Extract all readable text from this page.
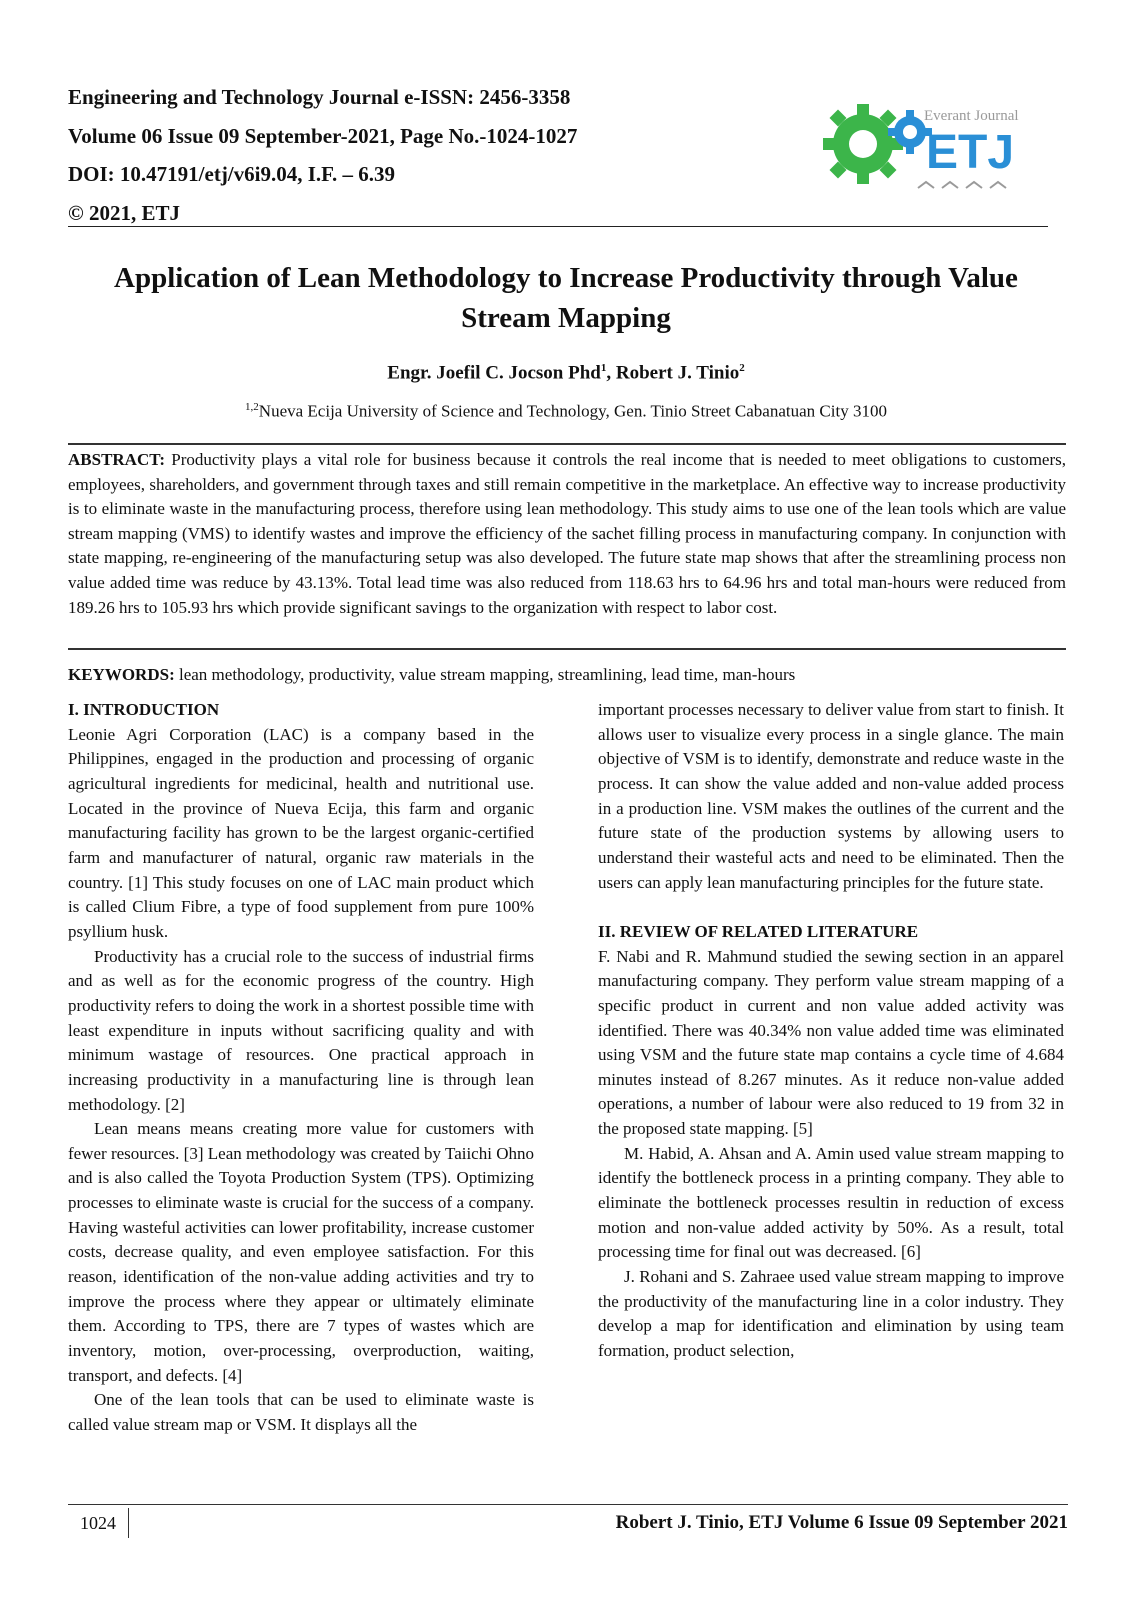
Engineering and Technology Journal e-ISSN: 2456-3358
Volume 06 Issue 09 September-2021, Page No.-1024-1027
DOI: 10.47191/etj/v6i9.04, I.F. – 6.39
© 2021, ETJ
Everant Journal
ETJ
Application of Lean Methodology to Increase Productivity through Value Stream Mapping
Engr. Joefil C. Jocson Phd$^1$, Robert J. Tinio$^2$
$^{1,2}$Nueva Ecija University of Science and Technology, Gen. Tinio Street Cabanatuan City 3100
ABSTRACT: Productivity plays a vital role for business because it controls the real income that is needed to meet obligations to customers, employees, shareholders, and government through taxes and still remain competitive in the marketplace. An effective way to increase productivity is to eliminate waste in the manufacturing process, therefore using lean methodology. This study aims to use one of the lean tools which are value stream mapping (VMS) to identify wastes and improve the efficiency of the sachet filling process in manufacturing company. In conjunction with state mapping, re-engineering of the manufacturing setup was also developed. The future state map shows that after the streamlining process non value added time was reduce by 43.13%. Total lead time was also reduced from 118.63 hrs to 64.96 hrs and total man-hours were reduced from 189.26 hrs to 105.93 hrs which provide significant savings to the organization with respect to labor cost.
KEYWORDS: lean methodology, productivity, value stream mapping, streamlining, lead time, man-hours

I. INTRODUCTION

Leonie Agri Corporation (LAC) is a company based in the Philippines, engaged in the production and processing of organic agricultural ingredients for medicinal, health and nutritional use. Located in the province of Nueva Ecija, this farm and organic manufacturing facility has grown to be the largest organic-certified farm and manufacturer of natural, organic raw materials in the country. [1] This study focuses on one of LAC main product which is called Clium Fibre, a type of food supplement from pure 100% psyllium husk.

Productivity has a crucial role to the success of industrial firms and as well as for the economic progress of the country. High productivity refers to doing the work in a shortest possible time with least expenditure in inputs without sacrificing quality and with minimum wastage of resources. One practical approach in increasing productivity in a manufacturing line is through lean methodology. [2]

Lean means means creating more value for customers with fewer resources. [3] Lean methodology was created by Taiichi Ohno and is also called the Toyota Production System (TPS). Optimizing processes to eliminate waste is crucial for the success of a company. Having wasteful activities can lower profitability, increase customer costs, decrease quality, and even employee satisfaction. For this reason, identification of the non-value adding activities and try to improve the process where they appear or ultimately eliminate them. According to TPS, there are 7 types of wastes which are inventory, motion, over-processing, overproduction, waiting, transport, and defects. [4]

One of the lean tools that can be used to eliminate waste is called value stream map or VSM. It displays all the

important processes necessary to deliver value from start to finish. It allows user to visualize every process in a single glance. The main objective of VSM is to identify, demonstrate and reduce waste in the process. It can show the value added and non-value added process in a production line. VSM makes the outlines of the current and the future state of the production systems by allowing users to understand their wasteful acts and need to be eliminated. Then the users can apply lean manufacturing principles for the future state.

II. REVIEW OF RELATED LITERATURE

F. Nabi and R. Mahmund studied the sewing section in an apparel manufacturing company. They perform value stream mapping of a specific product in current and non value added activity was identified. There was 40.34% non value added time was eliminated using VSM and the future state map contains a cycle time of 4.684 minutes instead of 8.267 minutes. As it reduce non-value added operations, a number of labour were also reduced to 19 from 32 in the proposed state mapping. [5]

M. Habid, A. Ahsan and A. Amin used value stream mapping to identify the bottleneck process in a printing company. They able to eliminate the bottleneck processes resultin in reduction of excess motion and non-value added activity by 50%. As a result, total processing time for final out was decreased. [6]

J. Rohani and S. Zahraee used value stream mapping to improve the productivity of the manufacturing line in a color industry. They develop a map for identification and elimination by using team formation, product selection,

1024	Robert J. Tinio, ETJ Volume 6 Issue 09 September 2021
